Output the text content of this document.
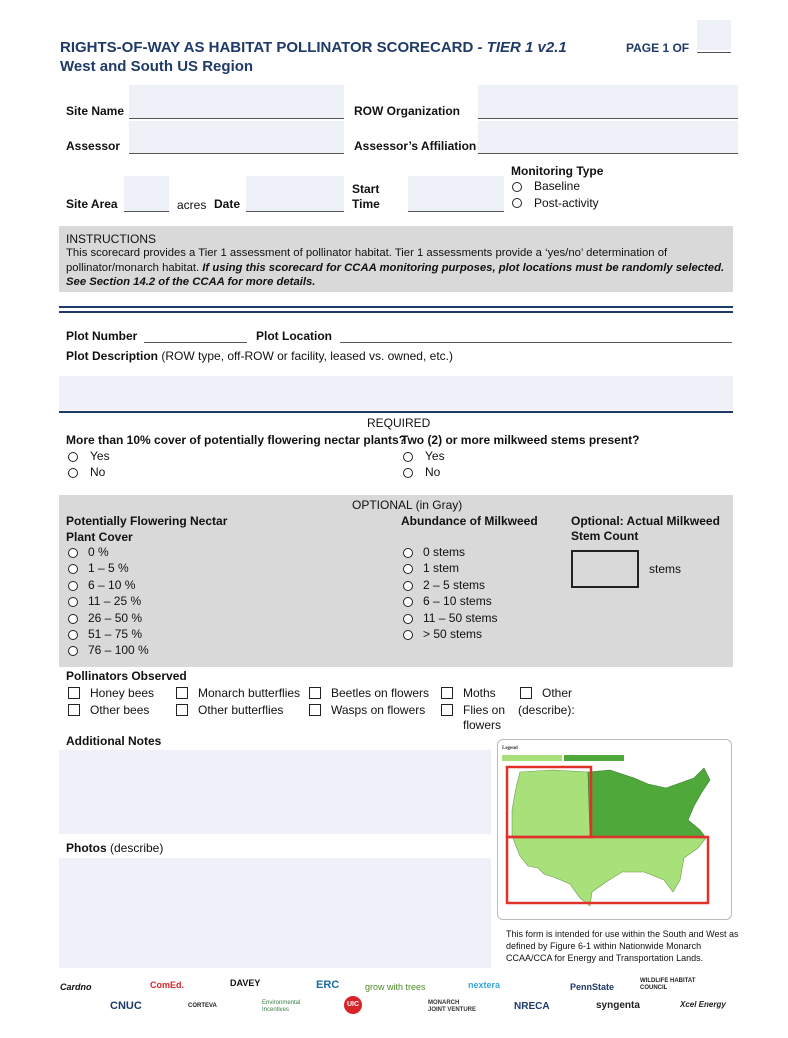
RIGHTS-OF-WAY AS HABITAT POLLINATOR SCORECARD - TIER 1 v2.1
West and South US Region
PAGE 1 OF
Site Name	ROW Organization
Assessor	Assessor’s Affiliation
Site Area	acres Date
Start
Time
Monitoring Type
Baseline
Post-activity
INSTRUCTIONS
This scorecard provides a Tier 1 assessment of pollinator habitat. Tier 1 assessments provide a ‘yes/no’ determination of
pollinator/monarch habitat. If using this scorecard for CCAA monitoring purposes, plot locations must be randomly selected.
See Section 14.2 of the CCAA for more details.
Plot Number	Plot Location
Plot Description (ROW type, off-ROW or facility, leased vs. owned, etc.)
REQUIRED
More than 10% cover of potentially flowering nectar plants?
Yes
No
Two (2) or more milkweed stems present?
Yes
No
OPTIONAL (in Gray)
Potentially Flowering Nectar
Plant Cover
0 %
1 – 5 %
6 – 10 %
11 – 25 %
26 – 50 %
51 – 75 %
76 – 100 %
Abundance of Milkweed
0 stems
1 stem
2 – 5 stems
6 – 10 stems
11 – 50 stems
> 50 stems
Optional: Actual Milkweed
Stem Count
stems
Pollinators Observed
Honey bees	Monarch butterflies	Beetles on flowers	Moths	Other
Other bees	Other butterflies	Wasps on flowers	Flies on
flowers
(describe):
Additional Notes
Photos (describe)
Legend
This form is intended for use within the South and West as
defined by Figure 6-1 within Nationwide Monarch
CCAA/CCA for Energy and Transportation Lands.
Cardno	ComEd.	DAVEY	ERC	grow with trees	nextera	PennState
WILDLIFE HABITAT COUNCIL
CNUC	CORTEVA	Environmental Incentives
UIC	MONARCH JOINT VENTURE	NRECA	syngenta	Xcel Energy
